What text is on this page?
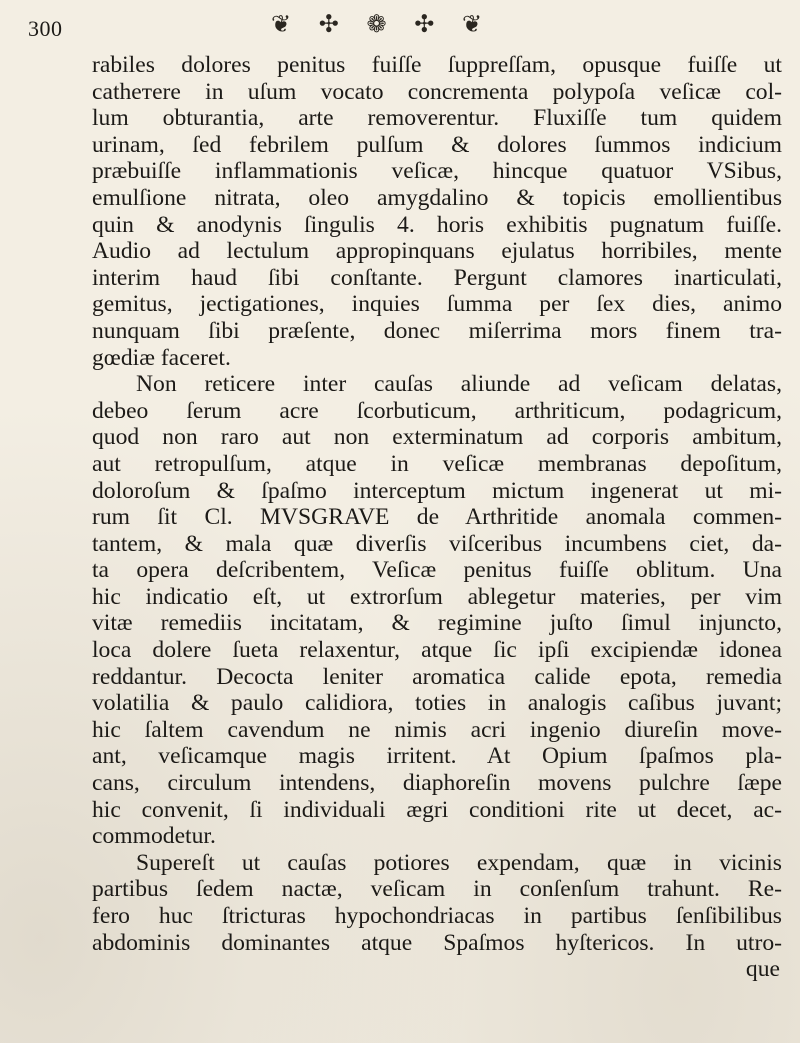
300	❦ ✣ ❁ ✣ ❦
rabiles dolores penitus fuiſſe ſuppreſſam, opusque fuiſſe ut
catheтere in uſum vocato concrementa polypoſa veſicæ col-
lum obturantia, arte removerentur. Fluxiſſe tum quidem
urinam, ſed febrilem pulſum & dolores ſummos indicium
præbuiſſe inflammationis veſicæ, hincque quatuor VSibus,
emulſione nitrata, oleo amygdalino & topicis emollientibus
quin & anodynis ſingulis 4. horis exhibitis pugnatum fuiſſe.
Audio ad lectulum appropinquans ejulatus horribiles, mente
interim haud ſibi conſtante. Pergunt clamores inarticulati,
gemitus, jectigationes, inquies ſumma per ſex dies, animo
nunquam ſibi præſente, donec miſerrima mors finem tra-
gœdiæ faceret.
Non reticere inter cauſas aliunde ad veſicam delatas,
debeo ſerum acre ſcorbuticum, arthriticum, podagricum,
quod non raro aut non exterminatum ad corporis ambitum,
aut retropulſum, atque in veſicæ membranas depoſitum,
doloroſum & ſpaſmo interceptum mictum ingenerat ut mi-
rum ſit Cl. MVSGRAVE de Arthritide anomala commen-
tantem, & mala quæ diverſis viſceribus incumbens ciet, da-
ta opera deſcribentem, Veſicæ penitus fuiſſe oblitum. Una
hic indicatio eſt, ut extrorſum ablegetur materies, per vim
vitæ remediis incitatam, & regimine juſto ſimul injuncto,
loca dolere ſueta relaxentur, atque ſic ipſi excipiendæ idonea
reddantur. Decocta leniter aromatica calide epota, remedia
volatilia & paulo calidiora, toties in analogis caſibus juvant;
hic ſaltem cavendum ne nimis acri ingenio diureſin move-
ant, veſicamque magis irritent. At Opium ſpaſmos pla-
cans, circulum intendens, diaphoreſin movens pulchre ſæpe
hic convenit, ſi individuali ægri conditioni rite ut decet, ac-
commodetur.
Supereſt ut cauſas potiores expendam, quæ in vicinis
partibus ſedem nactæ, veſicam in conſenſum trahunt. Re-
fero huc ſtricturas hypochondriacas in partibus ſenſibilibus
abdominis dominantes atque Spaſmos hyſtericos. In utro-
que
